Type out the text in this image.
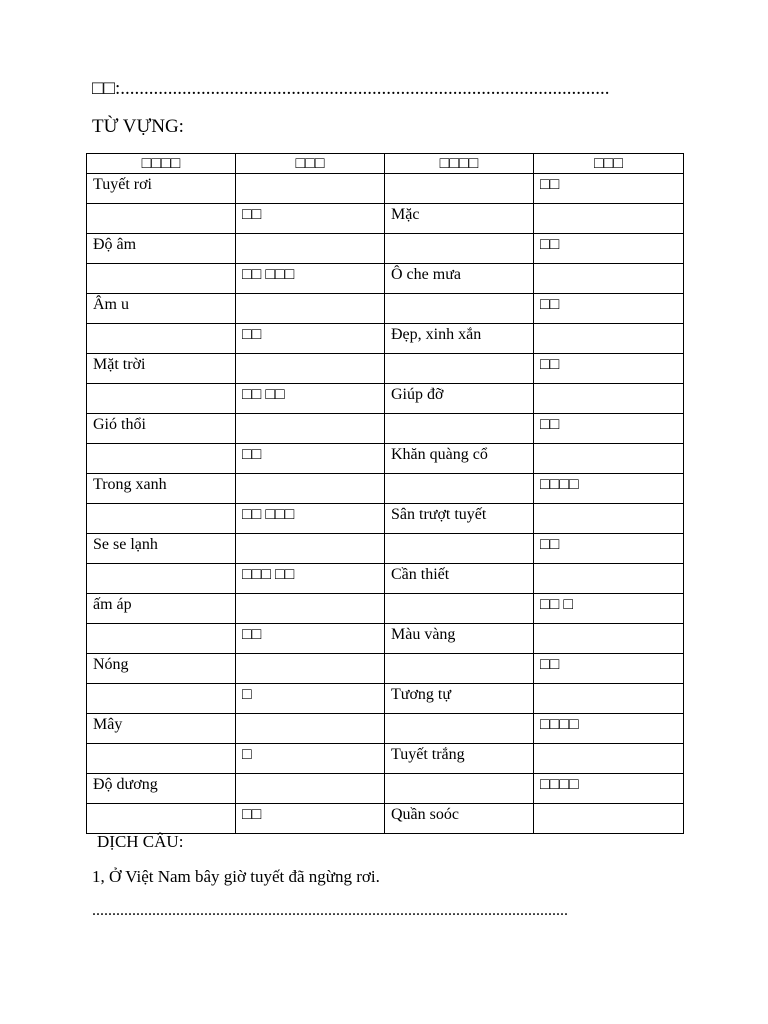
□□:.......................................................................................................
TỪ VỰNG:
□□□□	□□□	□□□□	□□□
Tuyết rơi			□□
	□□	Mặc	
Độ âm			□□
	□□ □□□	Ô che mưa	
Âm u			□□
	□□	Đẹp, xinh xắn	
Mặt trời			□□
	□□ □□	Giúp đỡ	
Gió thổi			□□
	□□	Khăn quàng cổ	
Trong xanh			□□□□
	□□ □□□	Sân trượt tuyết	
Se se lạnh			□□
	□□□ □□	Cần thiết	
ấm áp			□□ □
	□□	Màu vàng	
Nóng			□□
	□	Tương tự	
Mây			□□□□
	□	Tuyết trắng	
Độ dương			□□□□
	□□	Quần soóc	
DỊCH CÂU:
1, Ở Việt Nam bây giờ tuyết đã ngừng rơi.
.......................................................................................................................
